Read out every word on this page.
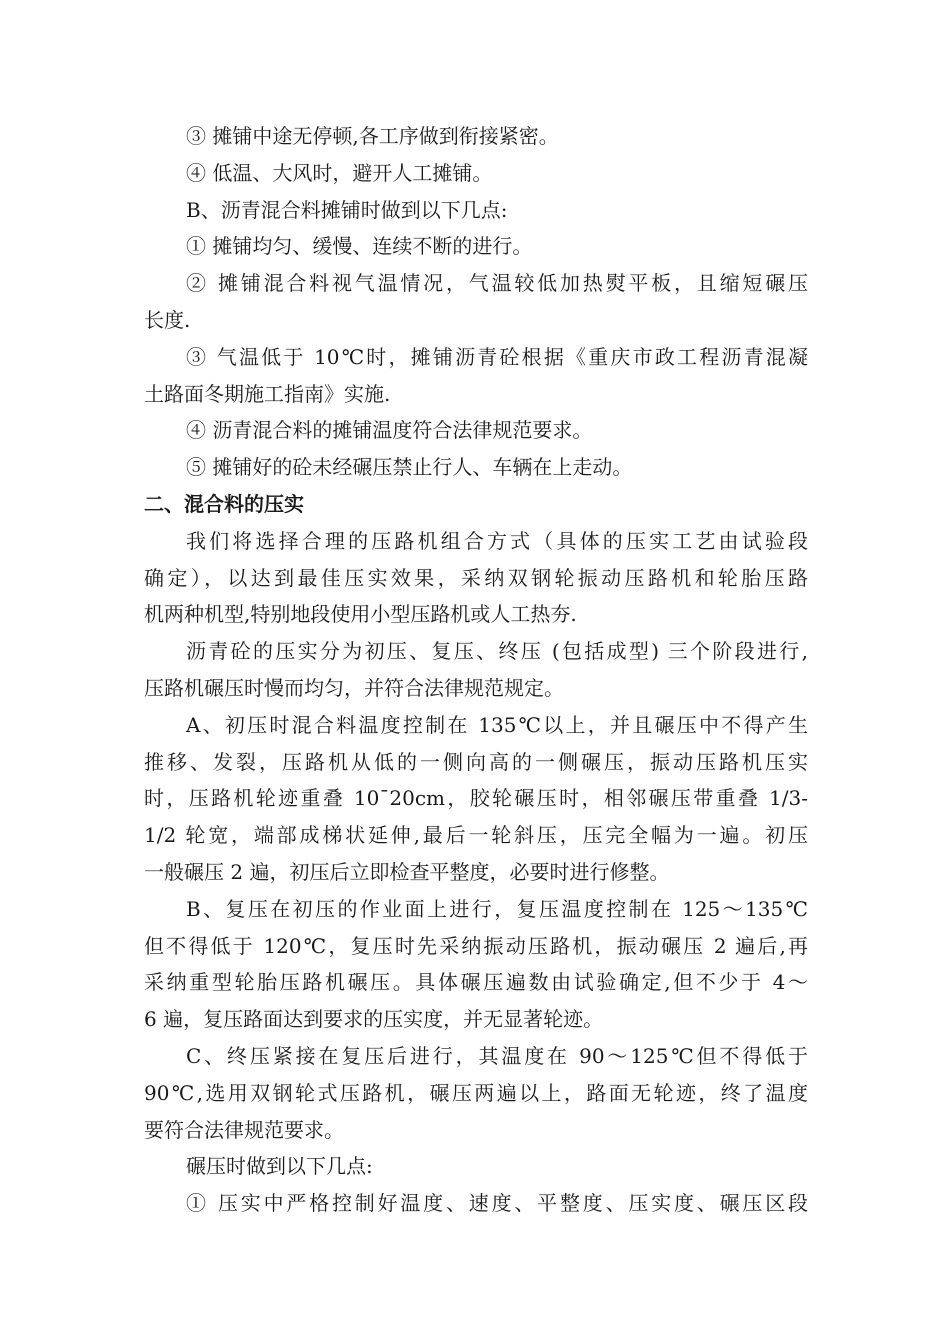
③ 摊铺中途无停顿,各工序做到衔接紧密。
④ 低温、大风时，避开人工摊铺。
B、沥青混合料摊铺时做到以下几点:
① 摊铺均匀、缓慢、连续不断的进行。
② 摊铺混合料视气温情况，气温较低加热熨平板，且缩短碾压
长度.
③ 气温低于 10℃时，摊铺沥青砼根据《重庆市政工程沥青混凝
土路面冬期施工指南》实施.
④ 沥青混合料的摊铺温度符合法律规范要求。
⑤ 摊铺好的砼未经碾压禁止行人、车辆在上走动。
二、混合料的压实
我们将选择合理的压路机组合方式（具体的压实工艺由试验段
确定），以达到最佳压实效果，采纳双钢轮振动压路机和轮胎压路
机两种机型,特别地段使用小型压路机或人工热夯.
沥青砼的压实分为初压、复压、终压 (包括成型) 三个阶段进行,
压路机碾压时慢而均匀，并符合法律规范规定。
A、初压时混合料温度控制在 135℃以上，并且碾压中不得产生
推移、发裂，压路机从低的一侧向高的一侧碾压，振动压路机压实
时，压路机轮迹重叠 10¯20cm，胶轮碾压时，相邻碾压带重叠 1/3-
1/2 轮宽，端部成梯状延伸,最后一轮斜压，压完全幅为一遍。初压
一般碾压 2 遍，初压后立即检查平整度，必要时进行修整。
B、复压在初压的作业面上进行，复压温度控制在 125～135℃
但不得低于 120℃，复压时先采纳振动压路机，振动碾压 2 遍后,再
采纳重型轮胎压路机碾压。具体碾压遍数由试验确定,但不少于 4～
6 遍，复压路面达到要求的压实度，并无显著轮迹。
C、终压紧接在复压后进行，其温度在 90～125℃但不得低于
90℃,选用双钢轮式压路机，碾压两遍以上，路面无轮迹，终了温度
要符合法律规范要求。
碾压时做到以下几点:
① 压实中严格控制好温度、速度、平整度、压实度、碾压区段
